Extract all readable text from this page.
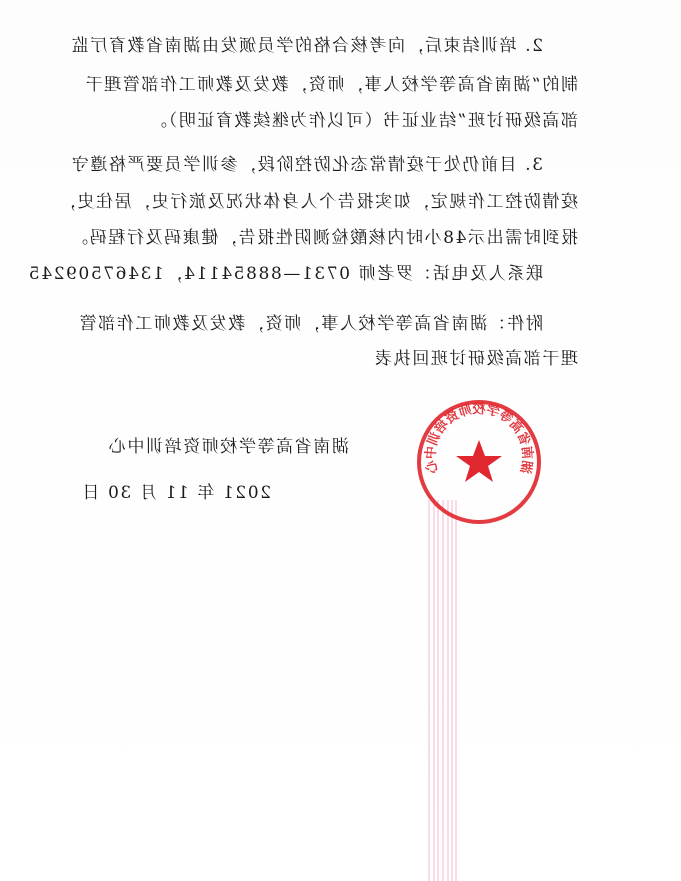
2. 培训结束后，向考核合格的学员颁发由湖南省教育厅监
制的“湖南省高等学校人事，师资，教发及教师工作部管理干
部高级研讨班”结业证书（可以作为继续教育证明）。
3. 目前仍处于疫情常态化防控阶段，参训学员要严格遵守
疫情防控工作规定，如实报告个人身体状况及旅行史，居住史，
报到时需出示48小时内核酸检测阴性报告，健康码及行程码。
联系人及电话：罗老师 0731—88854114，13467509245
附件：湖南省高等学校人事，师资，教发及教师工作部管
理干部高级研讨班回执表
湖南省高等学校师资培训中心
2021 年 11 月 30 日
湖南省高等学校师资培训中心
